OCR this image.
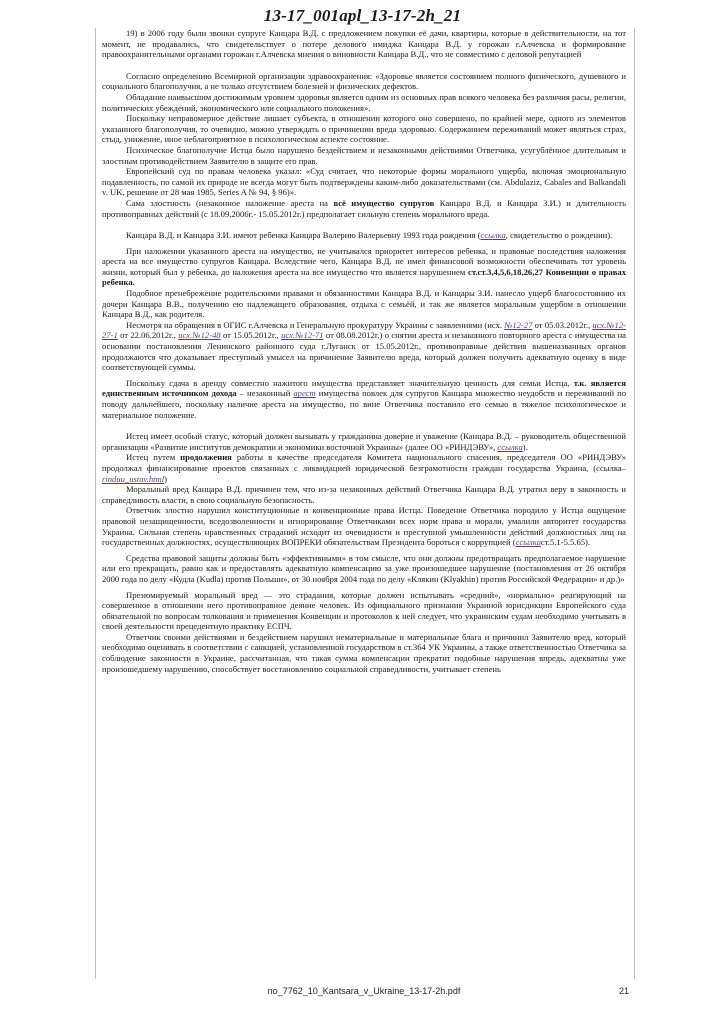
13-17_001apl_13-17-2h_21

19) в 2006 году были звонки супруге Канцара В.Д. с предложением покупки её дачи, квартиры, которые в действительности, на тот момент, не продавались, что свидетельствует о потере делового имиджа Канцара В.Д. у горожан г.Алчевска и формирование правоохранительными органами горожан г.Алчевска мнения о виновности Канцара В.Д., что не совместимо с деловой репутацией

Согласно определению Всемирной организации здравоохранения: «Здоровье является состоянием полного физического, душевного и социального благополучия, а не только отсутствием болезней и физических дефектов.

Обладание наивысшим достижимым уровнем здоровья является одним из основных прав всякого человека без различия расы, религии, политических убеждений, экономического или социального положения».

Поскольку неправомерное действие лишает субъекта, в отношении которого оно совершено, по крайней мере, одного из элементов указанного благополучия, то очевидно, можно утверждать о причинении вреда здоровью. Содержанием переживаний может являться страх, стыд, унижение, иное неблагоприятное в психологическом аспекте состояние.

Психическое благополучие Истца было нарушено бездействием и незаконными действиями Ответчика, усугублённое длительным и злостным противодействием Заявителю в защите его прав.

Европейский суд по правам человека указал: «Суд считает, что некоторые формы морального ущерба, включая эмоциональную подавленность, по самой их природе не всегда могут быть подтверждены каким-либо доказательствами (см. Abdulaziz, Cabales and Balkandali v. UK, решение от 28 мая 1985, Series A № 94, § 96)».

Сама злостность (незаконное наложение ареста на всё имущество супругов Канцара В.Д. и Канцара З.И.) и длительность противоправных действий (с 18.09.2006г.- 15.05.2012г.) предполагает сильную степень морального вреда.

Канцара В.Д. и Канцара З.И. имеют ребенка Канцара Валерию Валерьевну 1993 года рождения (ссылка, свидетельство о рождении).

При наложении указанного ареста на имущество, не учитывался приоритет интересов ребенка, и правовые последствия наложения ареста на все имущество супругов Канцара. Вследствие чего, Канцара В.Д. не имел финансовой возможности обеспечивать тот уровень жизни, который был у ребенка, до наложения ареста на все имущество что является нарушением ст.ст.3,4,5,6,18,26,27 Конвенции о правах ребенка.

Подобное пренебрежение родительскими правами и обязанностями Канцара В.Д. и Канцары З.И. нанесло ущерб благосостоянию их дочери Канцара В.В., получению ею надлежащего образования, отдыха с семьёй, и так же является моральным ущербом в отношении Канцара В.Д., как родителя.

Несмотря на обращения в ОГИС г.Алчевска и Генеральную прокуратуру Украины с заявлениями (исх. №12-27 от 05.03.2012г., исх.№12-27-1 от 22.06.2012г., исх.№12-48 от 15.05.2012г., исх.№12-71 от 08.08.2012г.) о снятии ареста и незаконного повторного ареста с имущества на основании постановления Ленинского районного суда г.Луганск от 15.05.2012г., противоправные действия вышеназванных органов продолжаются что доказывает преступный умысел на причинение Заявителю вреда, который должен получить адекватную оценку в виде соответствующей суммы.

Поскольку сдача в аренду совместно нажитого имущества представляет значительную ценность для семьи Истца, т.к. является единственным источником дохода – незаконный арест имущества повлек для супругов Канцара множество неудобств и переживаний по поводу дальнейшего, поскольку наличие ареста на имущество, по вине Ответчика поставило его семью в тяжелое психологическое и материальное положение.

Истец имеет особый статус, который должен вызывать у гражданина доверие и уважение (Канцара В.Д. – руководитель общественной организации «Развитие институтов демократии и экономики восточной Украины» (далее ОО «РИНДЭВУ», ссылка).

Истец путем продолжения работы в качестве председателя Комитета национального спасения, председателя ОО «РИНДЭВУ» продолжал финансирование проектов связанных с ликвидацией юридической безграмотности граждан государства Украина, (ссылка–rinduu_ustav.html)

Моральный вред Канцара В.Д. причинен тем, что из-за незаконных действий Ответчика Канцара В.Д. утратил веру в законность и справедливость власти, в свою социальную безопасность.

Ответчик злостно нарушил конституционные и конвенционные права Истца. Поведение Ответчика породило у Истца ощущение правовой незащищенности, вседозволенности и игнорирование Ответчиками всех норм права и морали, умалили авторитет государства Украина. Сильная степень нравственных страданий исходит из очевидности и преступной умышленности действий должностных лиц на государственных должностях, осуществляющих ВОПРЕКИ обязательствам Президента бороться с коррупцией (ссылкаст.5.1-5.5.65).

Средства правовой защиты должны быть «эффективными» в том смысле, что они должны предотвращать предполагаемое нарушение или его прекращать, равно как и предоставлять адекватную компенсацию за уже произошедшее нарушение (постановления от 26 октября 2000 года по делу «Кудла (Kudla) против Польши», от 30 ноября 2004 года по делу «Клякин (Klyakhin) против Российской Федерации» и др.)»

Презюмируемый моральный вред — это страдания, которые должен испытывать «средний», «нормально» реагирующий на совершенное в отношении него противоправное деяние человек. Из официального признания Украиной юрисдикции Европейского суда обязательной по вопросам толкования и применения Конвенции и протоколов к ней следует, что украинским судам необходимо учитывать в своей деятельности прецедентную практику ЕСПЧ.

Ответчик своими действиями и бездействием нарушил нематериальные и материальные блага и причинил Заявителю вред, который необходимо оценивать в соответствии с санкцией, установленной государством в ст.364 УК Украины, а также ответственностью Ответчика за соблюдение законности в Украине, рассчитанная, что такая сумма компенсации прекратит подобные нарушения впредь, адекватны уже произошедшему нарушению, способствует восстановлению социальной справедливости, учитывает степень

no_7762_10_Kantsara_v_Ukraine_13-17-2h.pdf	21
